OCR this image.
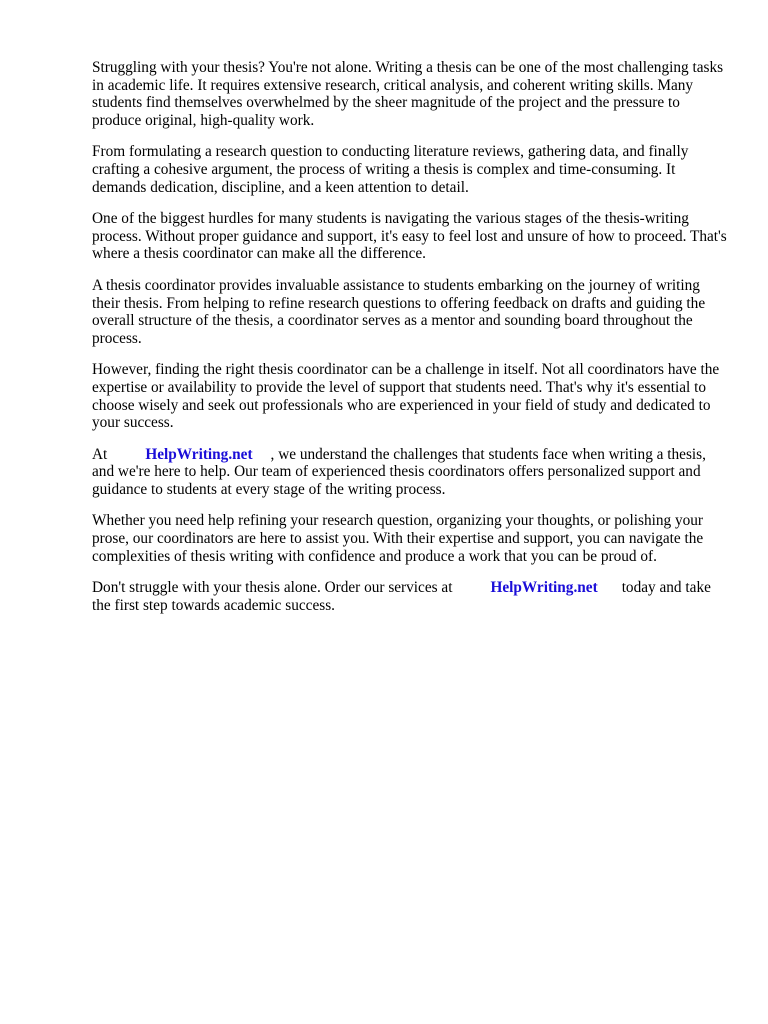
Struggling with your thesis? You're not alone. Writing a thesis can be one of the most challenging tasks in academic life. It requires extensive research, critical analysis, and coherent writing skills. Many students find themselves overwhelmed by the sheer magnitude of the project and the pressure to produce original, high-quality work.

From formulating a research question to conducting literature reviews, gathering data, and finally crafting a cohesive argument, the process of writing a thesis is complex and time-consuming. It demands dedication, discipline, and a keen attention to detail.

One of the biggest hurdles for many students is navigating the various stages of the thesis-writing process. Without proper guidance and support, it's easy to feel lost and unsure of how to proceed. That's where a thesis coordinator can make all the difference.

A thesis coordinator provides invaluable assistance to students embarking on the journey of writing their thesis. From helping to refine research questions to offering feedback on drafts and guiding the overall structure of the thesis, a coordinator serves as a mentor and sounding board throughout the process.

However, finding the right thesis coordinator can be a challenge in itself. Not all coordinators have the expertise or availability to provide the level of support that students need. That's why it's essential to choose wisely and seek out professionals who are experienced in your field of study and dedicated to your success.

At HelpWriting.net , we understand the challenges that students face when writing a thesis, and we're here to help. Our team of experienced thesis coordinators offers personalized support and guidance to students at every stage of the writing process.

Whether you need help refining your research question, organizing your thoughts, or polishing your prose, our coordinators are here to assist you. With their expertise and support, you can navigate the complexities of thesis writing with confidence and produce a work that you can be proud of.

Don't struggle with your thesis alone. Order our services at HelpWriting.net today and take the first step towards academic success.
